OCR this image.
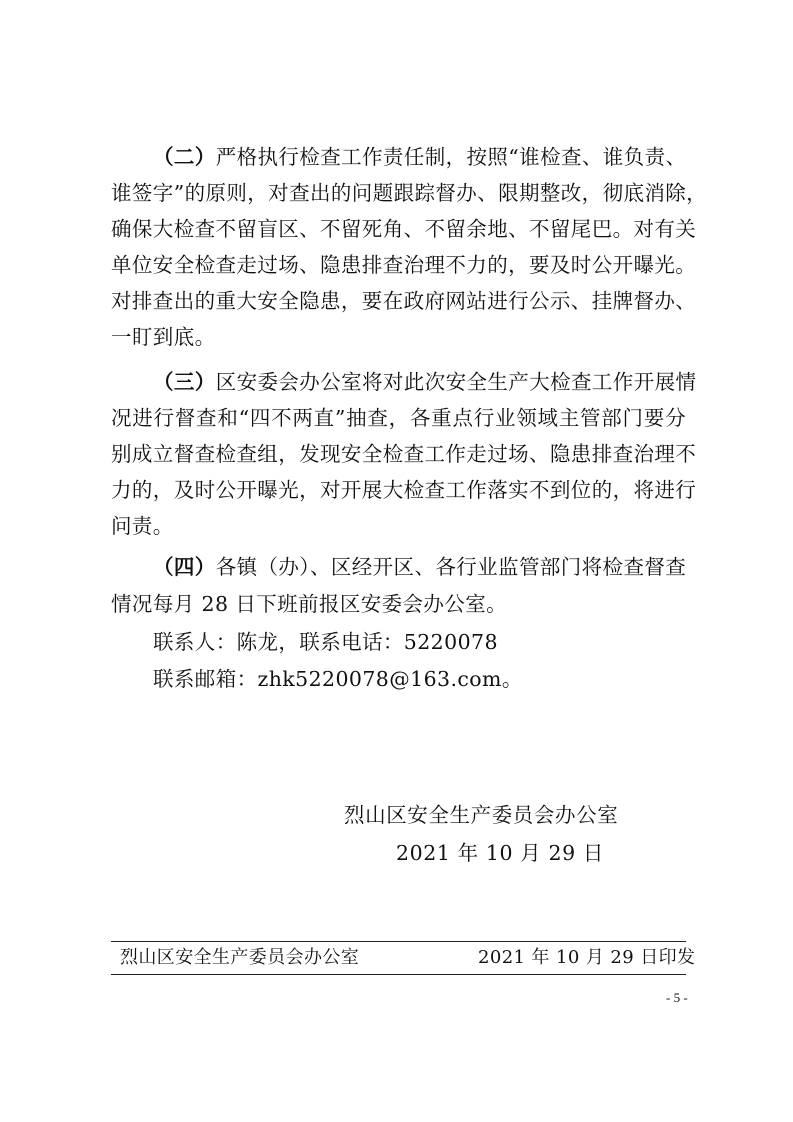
（二）严格执行检查工作责任制，按照“谁检查、谁负责、
谁签字”的原则，对查出的问题跟踪督办、限期整改，彻底消除，
确保大检查不留盲区、不留死角、不留余地、不留尾巴。对有关
单位安全检查走过场、隐患排查治理不力的，要及时公开曝光。
对排查出的重大安全隐患，要在政府网站进行公示、挂牌督办、
一盯到底。
（三）区安委会办公室将对此次安全生产大检查工作开展情
况进行督查和“四不两直”抽查，各重点行业领域主管部门要分
别成立督查检查组，发现安全检查工作走过场、隐患排查治理不
力的，及时公开曝光，对开展大检查工作落实不到位的，将进行
问责。
（四）各镇（办）、区经开区、各行业监管部门将检查督查
情况每月 28 日下班前报区安委会办公室。
联系人：陈龙，联系电话：5220078
联系邮箱：zhk5220078@163.com。
烈山区安全生产委员会办公室
2021 年 10 月 29 日
烈山区安全生产委员会办公室	2021 年 10 月 29 日印发
- 5 -
